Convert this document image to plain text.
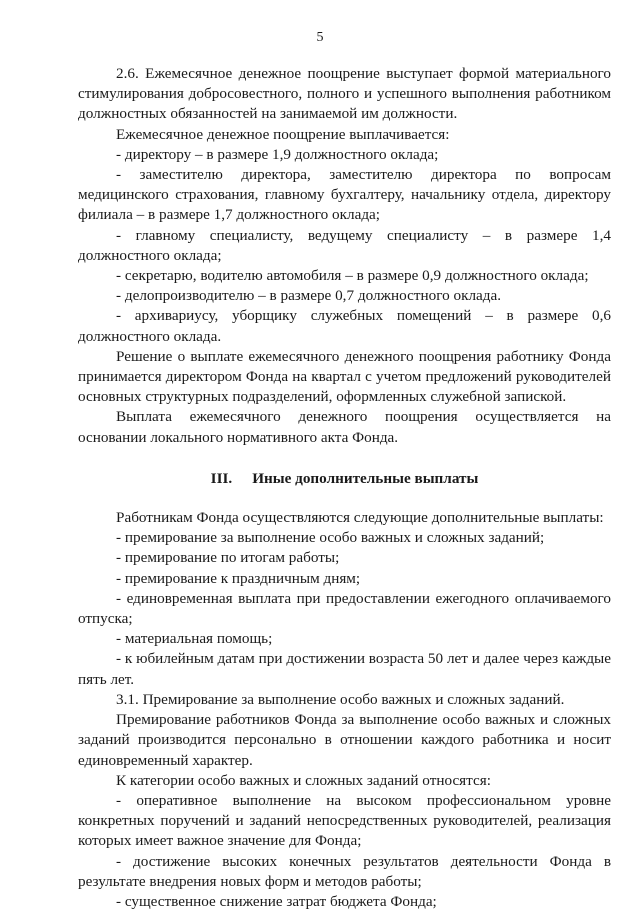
5

2.6. Ежемесячное денежное поощрение выступает формой материального стимулирования добросовестного, полного и успешного выполнения работником должностных обязанностей на занимаемой им должности.

Ежемесячное денежное поощрение выплачивается:

- директору – в размере 1,9 должностного оклада;

- заместителю директора, заместителю директора по вопросам медицинского страхования, главному бухгалтеру, начальнику отдела, директору филиала – в размере 1,7 должностного оклада;

- главному специалисту, ведущему специалисту – в размере 1,4 должностного оклада;

- секретарю, водителю автомобиля – в размере 0,9 должностного оклада;

- делопроизводителю – в размере 0,7 должностного оклада.

- архивариусу, уборщику служебных помещений – в размере 0,6 должностного оклада.

Решение о выплате ежемесячного денежного поощрения работнику Фонда принимается директором Фонда на квартал с учетом предложений руководителей основных структурных подразделений, оформленных служебной запиской.

Выплата ежемесячного денежного поощрения осуществляется на основании локального нормативного акта Фонда.

III. Иные дополнительные выплаты

Работникам Фонда осуществляются следующие дополнительные выплаты:

- премирование за выполнение особо важных и сложных заданий;

- премирование по итогам работы;

- премирование к праздничным дням;

- единовременная выплата при предоставлении ежегодного оплачиваемого отпуска;

- материальная помощь;

- к юбилейным датам при достижении возраста 50 лет и далее через каждые пять лет.

3.1. Премирование за выполнение особо важных и сложных заданий.

Премирование работников Фонда за выполнение особо важных и сложных заданий производится персонально в отношении каждого работника и носит единовременный характер.

К категории особо важных и сложных заданий относятся:

- оперативное выполнение на высоком профессиональном уровне конкретных поручений и заданий непосредственных руководителей, реализация которых имеет важное значение для Фонда;

- достижение высоких конечных результатов деятельности Фонда в результате внедрения новых форм и методов работы;

- существенное снижение затрат бюджета Фонда;
